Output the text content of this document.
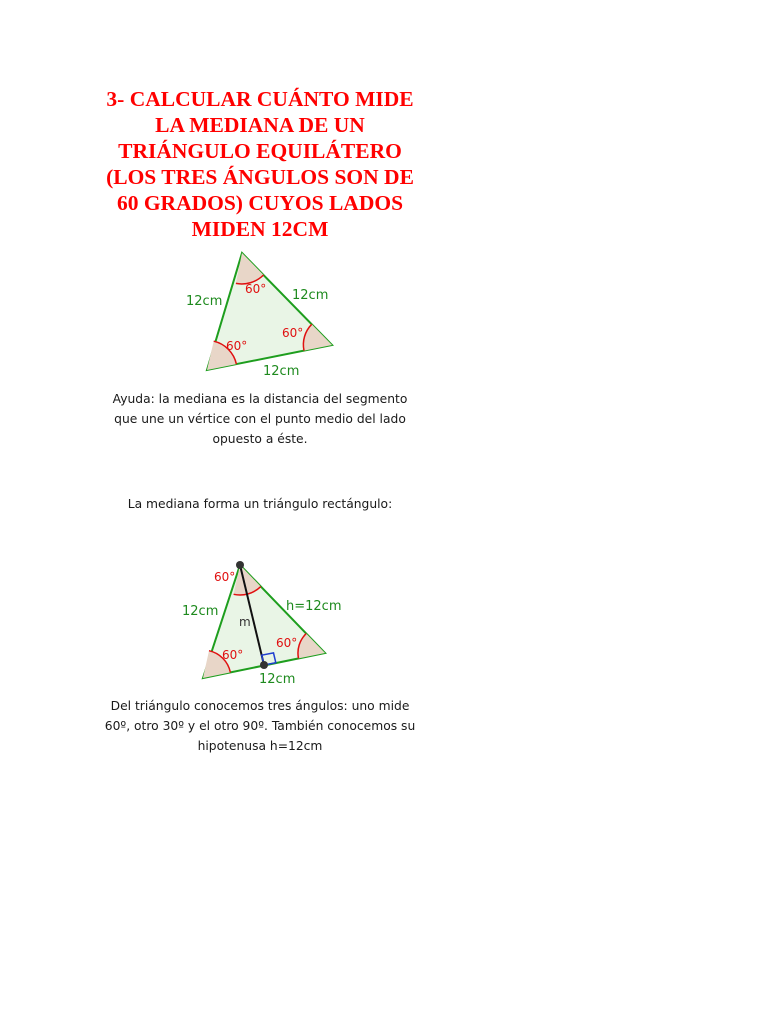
3- CALCULAR CUÁNTO MIDE
LA MEDIANA DE UN
TRIÁNGULO EQUILÁTERO
(LOS TRES ÁNGULOS SON DE
60 GRADOS) CUYOS LADOS
MIDEN 12CM
12cm	12cm
12cm
60°
60°
60°

Ayuda: la mediana es la distancia del segmento
que une un vértice con el punto medio del lado
opuesto a éste.

La mediana forma un triángulo rectángulo:

12cm	h=12cm
12cm
m
60°
60°
60°

Del triángulo conocemos tres ángulos: uno mide
60º, otro 30º y el otro 90º. También conocemos su
hipotenusa h=12cm
